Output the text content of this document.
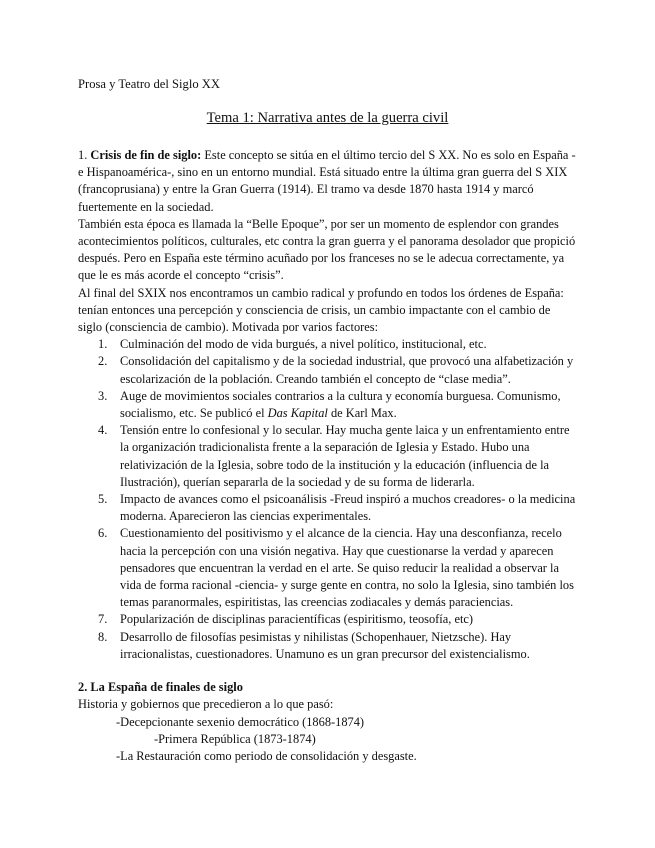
Prosa y Teatro del Siglo XX
Tema 1: Narrativa antes de la guerra civil

1. Crisis de fin de siglo: Este concepto se sitúa en el último tercio del S XX. No es solo en España -e Hispanoamérica-, sino en un entorno mundial. Está situado entre la última gran guerra del S XIX (francoprusiana) y entre la Gran Guerra (1914). El tramo va desde 1870 hasta 1914 y marcó fuertemente en la sociedad.

También esta época es llamada la “Belle Epoque”, por ser un momento de esplendor con grandes acontecimientos políticos, culturales, etc contra la gran guerra y el panorama desolador que propició después. Pero en España este término acuñado por los franceses no se le adecua correctamente, ya que le es más acorde el concepto “crisis”.

Al final del SXIX nos encontramos un cambio radical y profundo en todos los órdenes de España: tenían entonces una percepción y consciencia de crisis, un cambio impactante con el cambio de siglo (consciencia de cambio). Motivada por varios factores:

1. Culminación del modo de vida burgués, a nivel político, institucional, etc.
2. Consolidación del capitalismo y de la sociedad industrial, que provocó una alfabetización y escolarización de la población. Creando también el concepto de “clase media”.
3. Auge de movimientos sociales contrarios a la cultura y economía burguesa. Comunismo, socialismo, etc. Se publicó el Das Kapital de Karl Max.
4. Tensión entre lo confesional y lo secular. Hay mucha gente laica y un enfrentamiento entre la organización tradicionalista frente a la separación de Iglesia y Estado. Hubo una relativización de la Iglesia, sobre todo de la institución y la educación (influencia de la Ilustración), querían separarla de la sociedad y de su forma de liderarla.
5. Impacto de avances como el psicoanálisis -Freud inspiró a muchos creadores- o la medicina moderna. Aparecieron las ciencias experimentales.
6. Cuestionamiento del positivismo y el alcance de la ciencia. Hay una desconfianza, recelo hacia la percepción con una visión negativa. Hay que cuestionarse la verdad y aparecen pensadores que encuentran la verdad en el arte. Se quiso reducir la realidad a observar la vida de forma racional -ciencia- y surge gente en contra, no solo la Iglesia, sino también los temas paranormales, espiritistas, las creencias zodiacales y demás paraciencias.
7. Popularización de disciplinas paracientíficas (espiritismo, teosofía, etc)
8. Desarrollo de filosofías pesimistas y nihilistas (Schopenhauer, Nietzsche). Hay irracionalistas, cuestionadores. Unamuno es un gran precursor del existencialismo.

2. La España de finales de siglo

Historia y gobiernos que precedieron a lo que pasó:

-Decepcionante sexenio democrático (1868-1874)

-Primera República (1873-1874)

-La Restauración como periodo de consolidación y desgaste.
